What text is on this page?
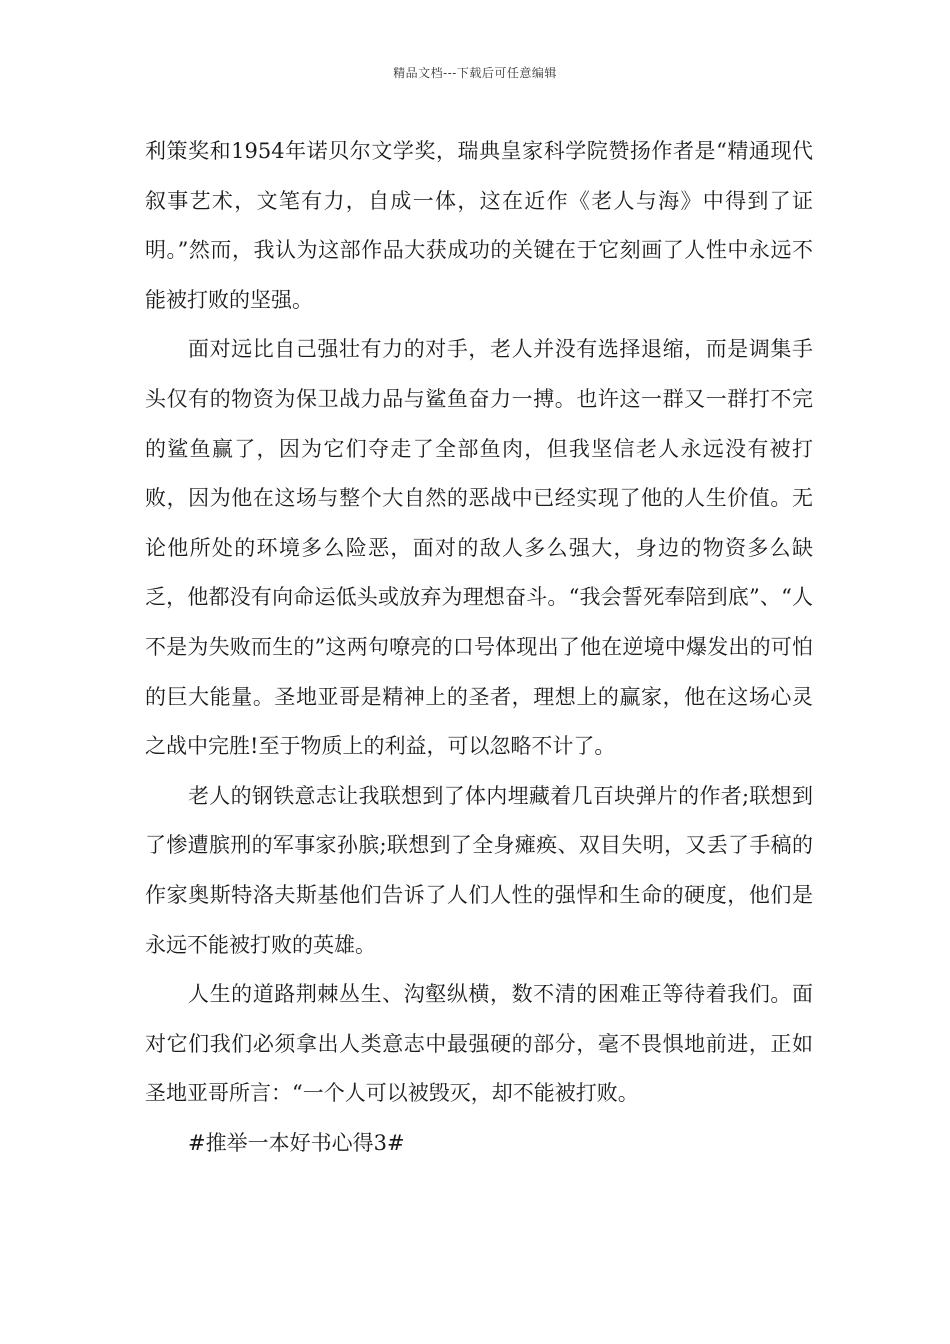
精品文档---下载后可任意编辑

利策奖和1954年诺贝尔文学奖，瑞典皇家科学院赞扬作者是“精通现代叙事艺术，文笔有力，自成一体，这在近作《老人与海》中得到了证明。”然而，我认为这部作品大获成功的关键在于它刻画了人性中永远不能被打败的坚强。

面对远比自己强壮有力的对手，老人并没有选择退缩，而是调集手头仅有的物资为保卫战力品与鲨鱼奋力一搏。也许这一群又一群打不完的鲨鱼赢了，因为它们夺走了全部鱼肉，但我坚信老人永远没有被打败，因为他在这场与整个大自然的恶战中已经实现了他的人生价值。无论他所处的环境多么险恶，面对的敌人多么强大，身边的物资多么缺乏，他都没有向命运低头或放弃为理想奋斗。“我会誓死奉陪到底”、“人不是为失败而生的”这两句嘹亮的口号体现出了他在逆境中爆发出的可怕的巨大能量。圣地亚哥是精神上的圣者，理想上的赢家，他在这场心灵之战中完胜!至于物质上的利益，可以忽略不计了。

老人的钢铁意志让我联想到了体内埋藏着几百块弹片的作者;联想到了惨遭膑刑的军事家孙膑;联想到了全身瘫痪、双目失明，又丢了手稿的作家奥斯特洛夫斯基他们告诉了人们人性的强悍和生命的硬度，他们是永远不能被打败的英雄。

人生的道路荆棘丛生、沟壑纵横，数不清的困难正等待着我们。面对它们我们必须拿出人类意志中最强硬的部分，毫不畏惧地前进，正如圣地亚哥所言：“一个人可以被毁灭，却不能被打败。

#推举一本好书心得3#
